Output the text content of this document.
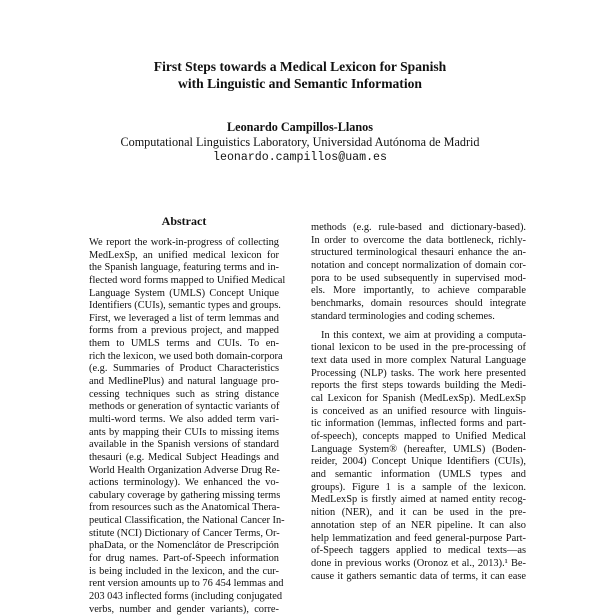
First Steps towards a Medical Lexicon for Spanish
with Linguistic and Semantic Information
Leonardo Campillos-Llanos
Computational Linguistics Laboratory, Universidad Autónoma de Madrid
leonardo.campillos@uam.es
Abstract
We report the work-in-progress of collecting
MedLexSp, an unified medical lexicon for
the Spanish language, featuring terms and in-
flected word forms mapped to Unified Medical
Language System (UMLS) Concept Unique
Identifiers (CUIs), semantic types and groups.
First, we leveraged a list of term lemmas and
forms from a previous project, and mapped
them to UMLS terms and CUIs. To en-
rich the lexicon, we used both domain-corpora
(e.g. Summaries of Product Characteristics
and MedlinePlus) and natural language pro-
cessing techniques such as string distance
methods or generation of syntactic variants of
multi-word terms. We also added term vari-
ants by mapping their CUIs to missing items
available in the Spanish versions of standard
thesauri (e.g. Medical Subject Headings and
World Health Organization Adverse Drug Re-
actions terminology). We enhanced the vo-
cabulary coverage by gathering missing terms
from resources such as the Anatomical Thera-
peutical Classification, the National Cancer In-
stitute (NCI) Dictionary of Cancer Terms, Or-
phaData, or the Nomenclátor de Prescripción
for drug names. Part-of-Speech information
is being included in the lexicon, and the cur-
rent version amounts up to 76 454 lemmas and
203 043 inflected forms (including conjugated
verbs, number and gender variants), corre-
methods (e.g. rule-based and dictionary-based).
In order to overcome the data bottleneck, richly-
structured terminological thesauri enhance the an-
notation and concept normalization of domain cor-
pora to be used subsequently in supervised mod-
els. More importantly, to achieve comparable
benchmarks, domain resources should integrate
standard terminologies and coding schemes.
In this context, we aim at providing a computa-
tional lexicon to be used in the pre-processing of
text data used in more complex Natural Language
Processing (NLP) tasks. The work here presented
reports the first steps towards building the Medi-
cal Lexicon for Spanish (MedLexSp). MedLexSp
is conceived as an unified resource with linguis-
tic information (lemmas, inflected forms and part-
of-speech), concepts mapped to Unified Medical
Language System® (hereafter, UMLS) (Boden-
reider, 2004) Concept Unique Identifiers (CUIs),
and semantic information (UMLS types and
groups). Figure 1 is a sample of the lexicon.
MedLexSp is firstly aimed at named entity recog-
nition (NER), and it can be used in the pre-
annotation step of an NER pipeline. It can also
help lemmatization and feed general-purpose Part-
of-Speech taggers applied to medical texts—as
done in previous works (Oronoz et al., 2013).¹ Be-
cause it gathers semantic data of terms, it can ease
